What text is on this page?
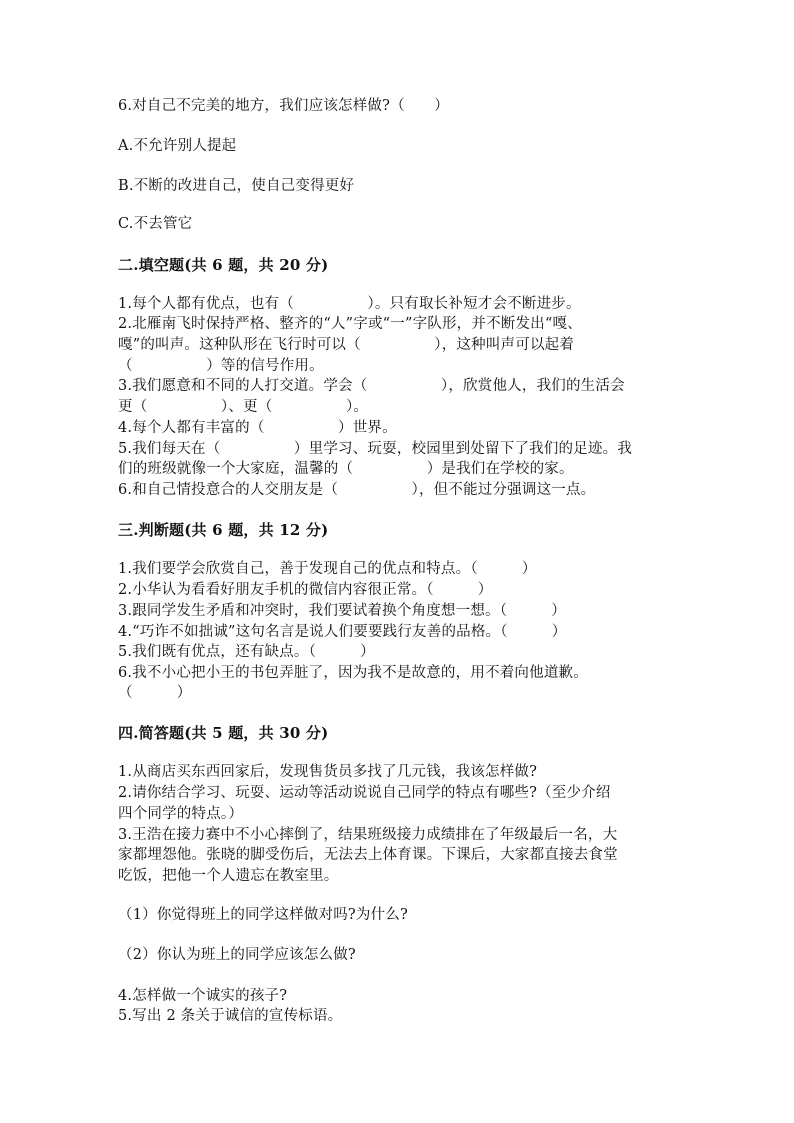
6.对自己不完美的地方，我们应该怎样做?（　　）
A.不允许别人提起
B.不断的改进自己，使自己变得更好
C.不去管它
二.填空题(共 6 题，共 20 分)
1.每个人都有优点，也有（　　　　　）。只有取长补短才会不断进步。
2.北雁南飞时保持严格、整齐的“人”字或“一”字队形，并不断发出“嘎、
嘎”的叫声。这种队形在飞行时可以（　　　　　），这种叫声可以起着
（　　　　　）等的信号作用。
3.我们愿意和不同的人打交道。学会（　　　　　），欣赏他人，我们的生活会
更（　　　　　）、更（　　　　　）。
4.每个人都有丰富的（　　　　　）世界。
5.我们每天在（　　　　　）里学习、玩耍，校园里到处留下了我们的足迹。我
们的班级就像一个大家庭，温馨的（　　　　　）是我们在学校的家。
6.和自己情投意合的人交朋友是（　　　　　），但不能过分强调这一点。
三.判断题(共 6 题，共 12 分)
1.我们要学会欣赏自己，善于发现自己的优点和特点。（　　　）
2.小华认为看看好朋友手机的微信内容很正常。（　　　）
3.跟同学发生矛盾和冲突时，我们要试着换个角度想一想。（　　　）
4.“巧诈不如拙诚”这句名言是说人们要要践行友善的品格。（　　　）
5.我们既有优点，还有缺点。（　　　）
6.我不小心把小王的书包弄脏了，因为我不是故意的，用不着向他道歉。
（　　　）
四.简答题(共 5 题，共 30 分)
1.从商店买东西回家后，发现售货员多找了几元钱，我该怎样做?
2.请你结合学习、玩耍、运动等活动说说自己同学的特点有哪些?（至少介绍
四个同学的特点。）
3.王浩在接力赛中不小心摔倒了，结果班级接力成绩排在了年级最后一名，大
家都埋怨他。张晓的脚受伤后，无法去上体育课。下课后，大家都直接去食堂
吃饭，把他一个人遗忘在教室里。
（1）你觉得班上的同学这样做对吗?为什么?
（2）你认为班上的同学应该怎么做?
4.怎样做一个诚实的孩子?
5.写出 2 条关于诚信的宣传标语。
